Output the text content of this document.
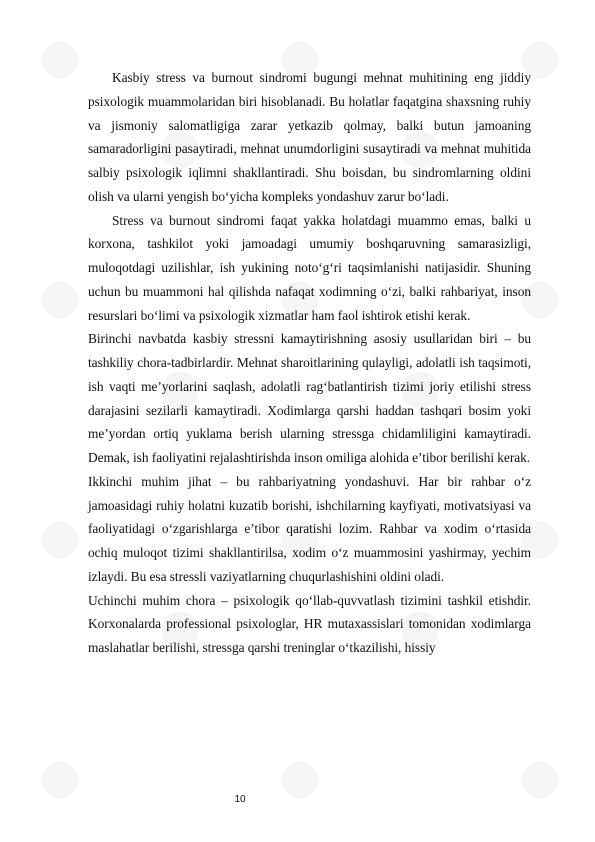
Kasbiy stress va burnout sindromi bugungi mehnat muhitining eng jiddiy psixologik muammolaridan biri hisoblanadi. Bu holatlar faqatgina shaxsning ruhiy va jismoniy salomatligiga zarar yetkazib qolmay, balki butun jamoaning samaradorligini pasaytiradi, mehnat unumdorligini susaytiradi va mehnat muhitida salbiy psixologik iqlimni shakllantiradi. Shu boisdan, bu sindromlarning oldini olish va ularni yengish bo‘yicha kompleks yondashuv zarur bo‘ladi.

Stress va burnout sindromi faqat yakka holatdagi muammo emas, balki u korxona, tashkilot yoki jamoadagi umumiy boshqaruvning samarasizligi, muloqotdagi uzilishlar, ish yukining noto‘g‘ri taqsimlanishi natijasidir. Shuning uchun bu muammoni hal qilishda nafaqat xodimning o‘zi, balki rahbariyat, inson resurslari bo‘limi va psixologik xizmatlar ham faol ishtirok etishi kerak.

Birinchi navbatda kasbiy stressni kamaytirishning asosiy usullaridan biri – bu tashkiliy chora-tadbirlardir. Mehnat sharoitlarining qulayligi, adolatli ish taqsimoti, ish vaqti me’yorlarini saqlash, adolatli rag‘batlantirish tizimi joriy etilishi stress darajasini sezilarli kamaytiradi. Xodimlarga qarshi haddan tashqari bosim yoki me’yordan ortiq yuklama berish ularning stressga chidamliligini kamaytiradi. Demak, ish faoliyatini rejalashtirishda inson omiliga alohida e’tibor berilishi kerak.

Ikkinchi muhim jihat – bu rahbariyatning yondashuvi. Har bir rahbar o‘z jamoasidagi ruhiy holatni kuzatib borishi, ishchilarning kayfiyati, motivatsiyasi va faoliyatidagi o‘zgarishlarga e’tibor qaratishi lozim. Rahbar va xodim o‘rtasida ochiq muloqot tizimi shakllantirilsa, xodim o‘z muammosini yashirmay, yechim izlaydi. Bu esa stressli vaziyatlarning chuqurlashishini oldini oladi.

Uchinchi muhim chora – psixologik qo‘llab-quvvatlash tizimini tashkil etishdir. Korxonalarda professional psixologlar, HR mutaxassislari tomonidan xodimlarga maslahatlar berilishi, stressga qarshi treninglar o‘tkazilishi, hissiy

10
